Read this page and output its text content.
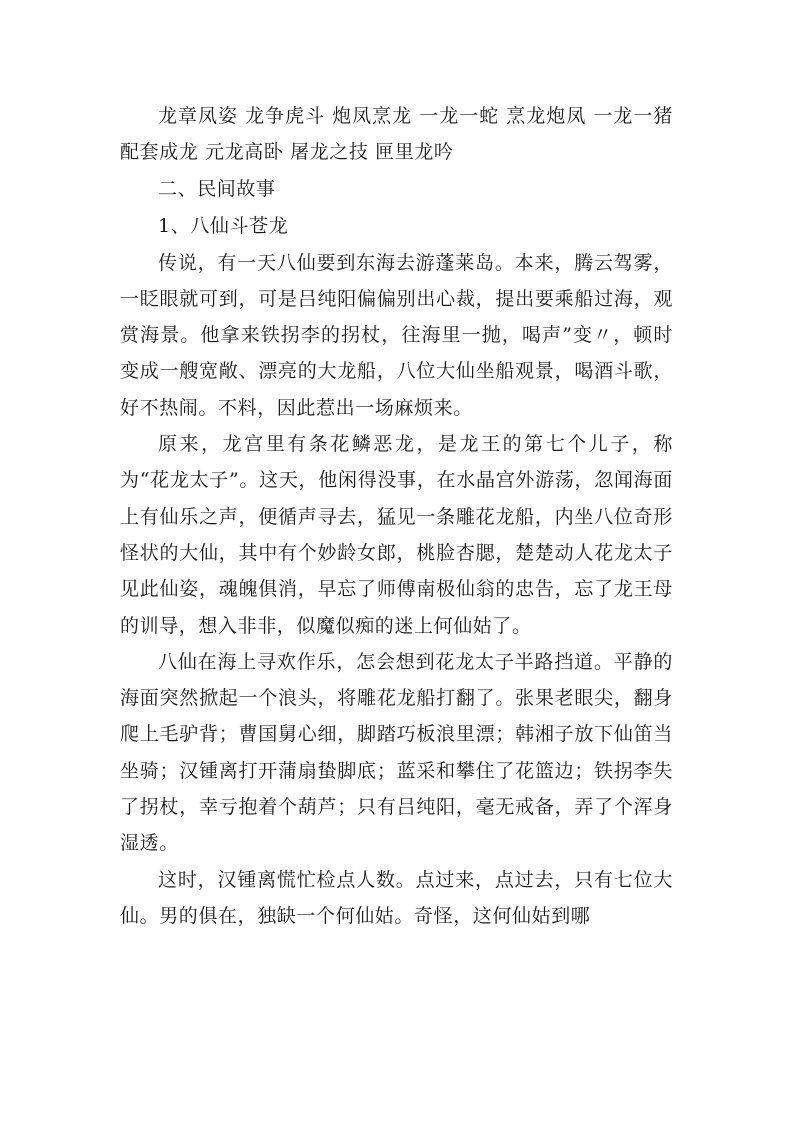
龙章凤姿 龙争虎斗 炮凤烹龙 一龙一蛇 烹龙炮凤 一龙一猪 配套成龙 元龙高卧 屠龙之技 匣里龙吟

二、民间故事

1、八仙斗苍龙

传说，有一天八仙要到东海去游蓬莱岛。本来，腾云驾雾，一眨眼就可到，可是吕纯阳偏偏别出心裁，提出要乘船过海，观赏海景。他拿来铁拐李的拐杖，往海里一抛，喝声”变〃，顿时变成一艘宽敞、漂亮的大龙船，八位大仙坐船观景，喝酒斗歌，好不热闹。不料，因此惹出一场麻烦来。

原来，龙宫里有条花鳞恶龙，是龙王的第七个儿子，称为“花龙太子”。这天，他闲得没事，在水晶宫外游荡，忽闻海面上有仙乐之声，便循声寻去，猛见一条雕花龙船，内坐八位奇形怪状的大仙，其中有个妙龄女郎，桃脸杏腮，楚楚动人花龙太子见此仙姿，魂魄俱消，早忘了师傅南极仙翁的忠告，忘了龙王母的训导，想入非非，似魔似痴的迷上何仙姑了。

八仙在海上寻欢作乐，怎会想到花龙太子半路挡道。平静的海面突然掀起一个浪头，将雕花龙船打翻了。张果老眼尖，翻身爬上毛驴背；曹国舅心细，脚踏巧板浪里漂；韩湘子放下仙笛当坐骑；汉锺离打开蒲扇蛰脚底；蓝采和攀住了花篮边；铁拐李失了拐杖，幸亏抱着个葫芦；只有吕纯阳，毫无戒备，弄了个浑身湿透。

这时，汉锺离慌忙检点人数。点过来，点过去，只有七位大仙。男的俱在，独缺一个何仙姑。奇怪，这何仙姑到哪
